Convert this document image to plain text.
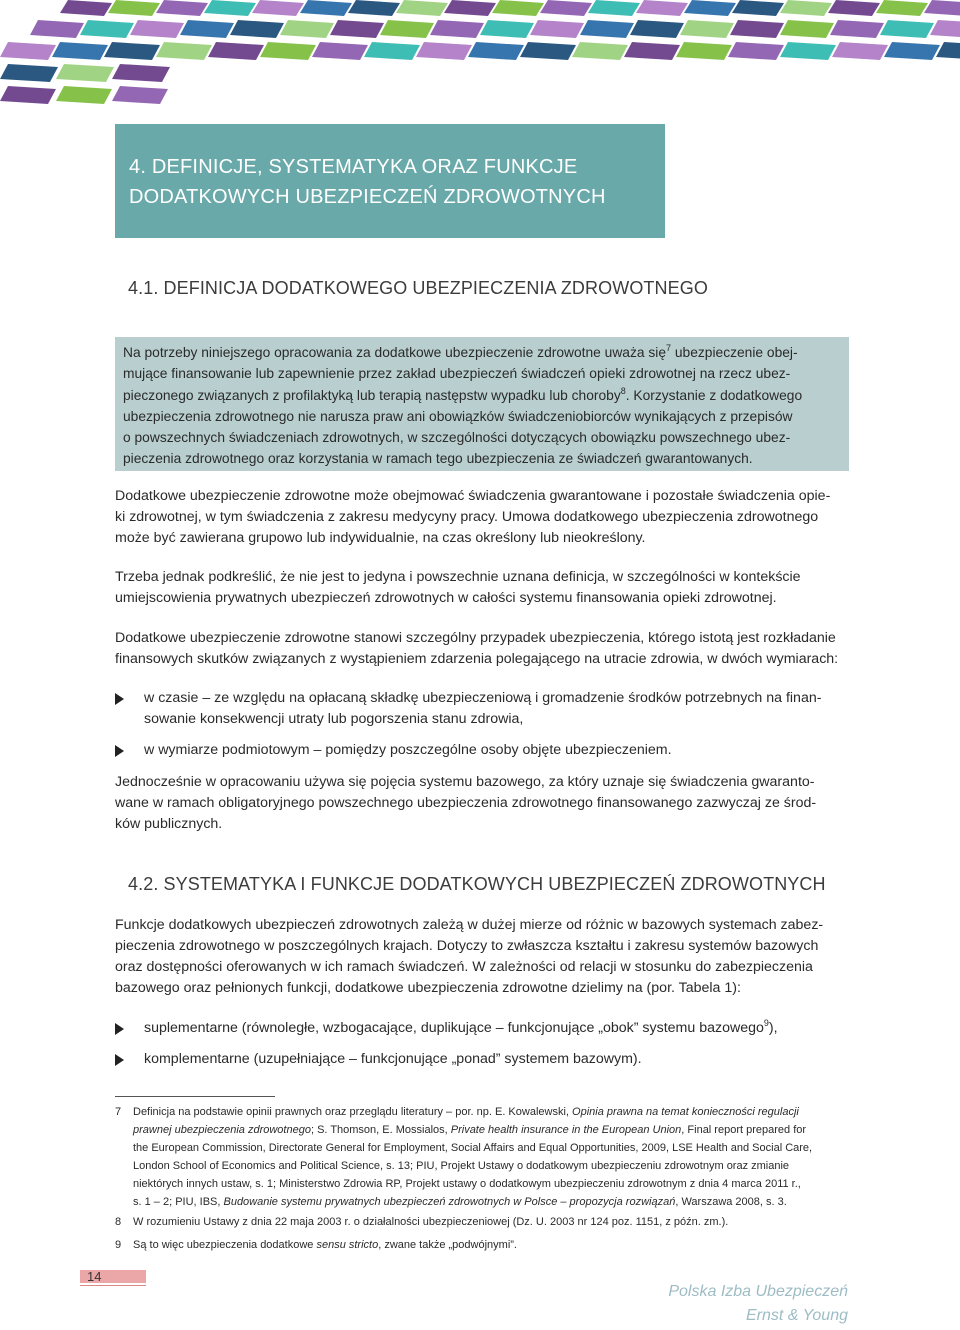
4. DEFINICJE, SYSTEMATYKA ORAZ FUNKCJE
DODATKOWYCH UBEZPIECZEŃ ZDROWOTNYCH
4.1. DEFINICJA DODATKOWEGO UBEZPIECZENIA ZDROWOTNEGO
Na potrzeby niniejszego opracowania za dodatkowe ubezpieczenie zdrowotne uważa się$^7$ ubezpieczenie obej-
mujące finansowanie lub zapewnienie przez zakład ubezpieczeń świadczeń opieki zdrowotnej na rzecz ubez-
pieczonego związanych z profilaktyką lub terapią następstw wypadku lub choroby$^8$. Korzystanie z dodatkowego
ubezpieczenia zdrowotnego nie narusza praw ani obowiązków świadczeniobiorców wynikających z przepisów
o powszechnych świadczeniach zdrowotnych, w szczególności dotyczących obowiązku powszechnego ubez-
pieczenia zdrowotnego oraz korzystania w ramach tego ubezpieczenia ze świadczeń gwarantowanych.
Dodatkowe ubezpieczenie zdrowotne może obejmować świadczenia gwarantowane i pozostałe świadczenia opie-
ki zdrowotnej, w tym świadczenia z zakresu medycyny pracy. Umowa dodatkowego ubezpieczenia zdrowotnego
może być zawierana grupowo lub indywidualnie, na czas określony lub nieokreślony.
Trzeba jednak podkreślić, że nie jest to jedyna i powszechnie uznana definicja, w szczególności w kontekście
umiejscowienia prywatnych ubezpieczeń zdrowotnych w całości systemu finansowania opieki zdrowotnej.
Dodatkowe ubezpieczenie zdrowotne stanowi szczególny przypadek ubezpieczenia, którego istotą jest rozkładanie
finansowych skutków związanych z wystąpieniem zdarzenia polegającego na utracie zdrowia, w dwóch wymiarach:
w czasie – ze względu na opłacaną składkę ubezpieczeniową i gromadzenie środków potrzebnych na finan-
sowanie konsekwencji utraty lub pogorszenia stanu zdrowia,
w wymiarze podmiotowym – pomiędzy poszczególne osoby objęte ubezpieczeniem.
Jednocześnie w opracowaniu używa się pojęcia systemu bazowego, za który uznaje się świadczenia gwaranto-
wane w ramach obligatoryjnego powszechnego ubezpieczenia zdrowotnego finansowanego zazwyczaj ze środ-
ków publicznych.
4.2. SYSTEMATYKA I FUNKCJE DODATKOWYCH UBEZPIECZEŃ ZDROWOTNYCH
Funkcje dodatkowych ubezpieczeń zdrowotnych zależą w dużej mierze od różnic w bazowych systemach zabez-
pieczenia zdrowotnego w poszczególnych krajach. Dotyczy to zwłaszcza kształtu i zakresu systemów bazowych
oraz dostępności oferowanych w ich ramach świadczeń. W zależności od relacji w stosunku do zabezpieczenia
bazowego oraz pełnionych funkcji, dodatkowe ubezpieczenia zdrowotne dzielimy na (por. Tabela 1):
suplementarne (równoległe, wzbogacające, duplikujące – funkcjonujące „obok” systemu bazowego$^9$),
komplementarne (uzupełniające – funkcjonujące „ponad” systemem bazowym).
7 Definicja na podstawie opinii prawnych oraz przeglądu literatury – por. np. E. Kowalewski, Opinia prawna na temat konieczności regulacji
prawnej ubezpieczenia zdrowotnego; S. Thomson, E. Mossialos, Private health insurance in the European Union, Final report prepared for
the European Commission, Directorate General for Employment, Social Affairs and Equal Opportunities, 2009, LSE Health and Social Care,
London School of Economics and Political Science, s. 13; PIU, Projekt Ustawy o dodatkowym ubezpieczeniu zdrowotnym oraz zmianie
niektórych innych ustaw, s. 1; Ministerstwo Zdrowia RP, Projekt ustawy o dodatkowym ubezpieczeniu zdrowotnym z dnia 4 marca 2011 r.,
s. 1 – 2; PIU, IBS, Budowanie systemu prywatnych ubezpieczeń zdrowotnych w Polsce – propozycja rozwiązań, Warszawa 2008, s. 3.
8 W rozumieniu Ustawy z dnia 22 maja 2003 r. o działalności ubezpieczeniowej (Dz. U. 2003 nr 124 poz. 1151, z późn. zm.).
9 Są to więc ubezpieczenia dodatkowe sensu stricto, zwane także „podwójnymi”.
14
Polska Izba Ubezpieczeń
Ernst & Young
